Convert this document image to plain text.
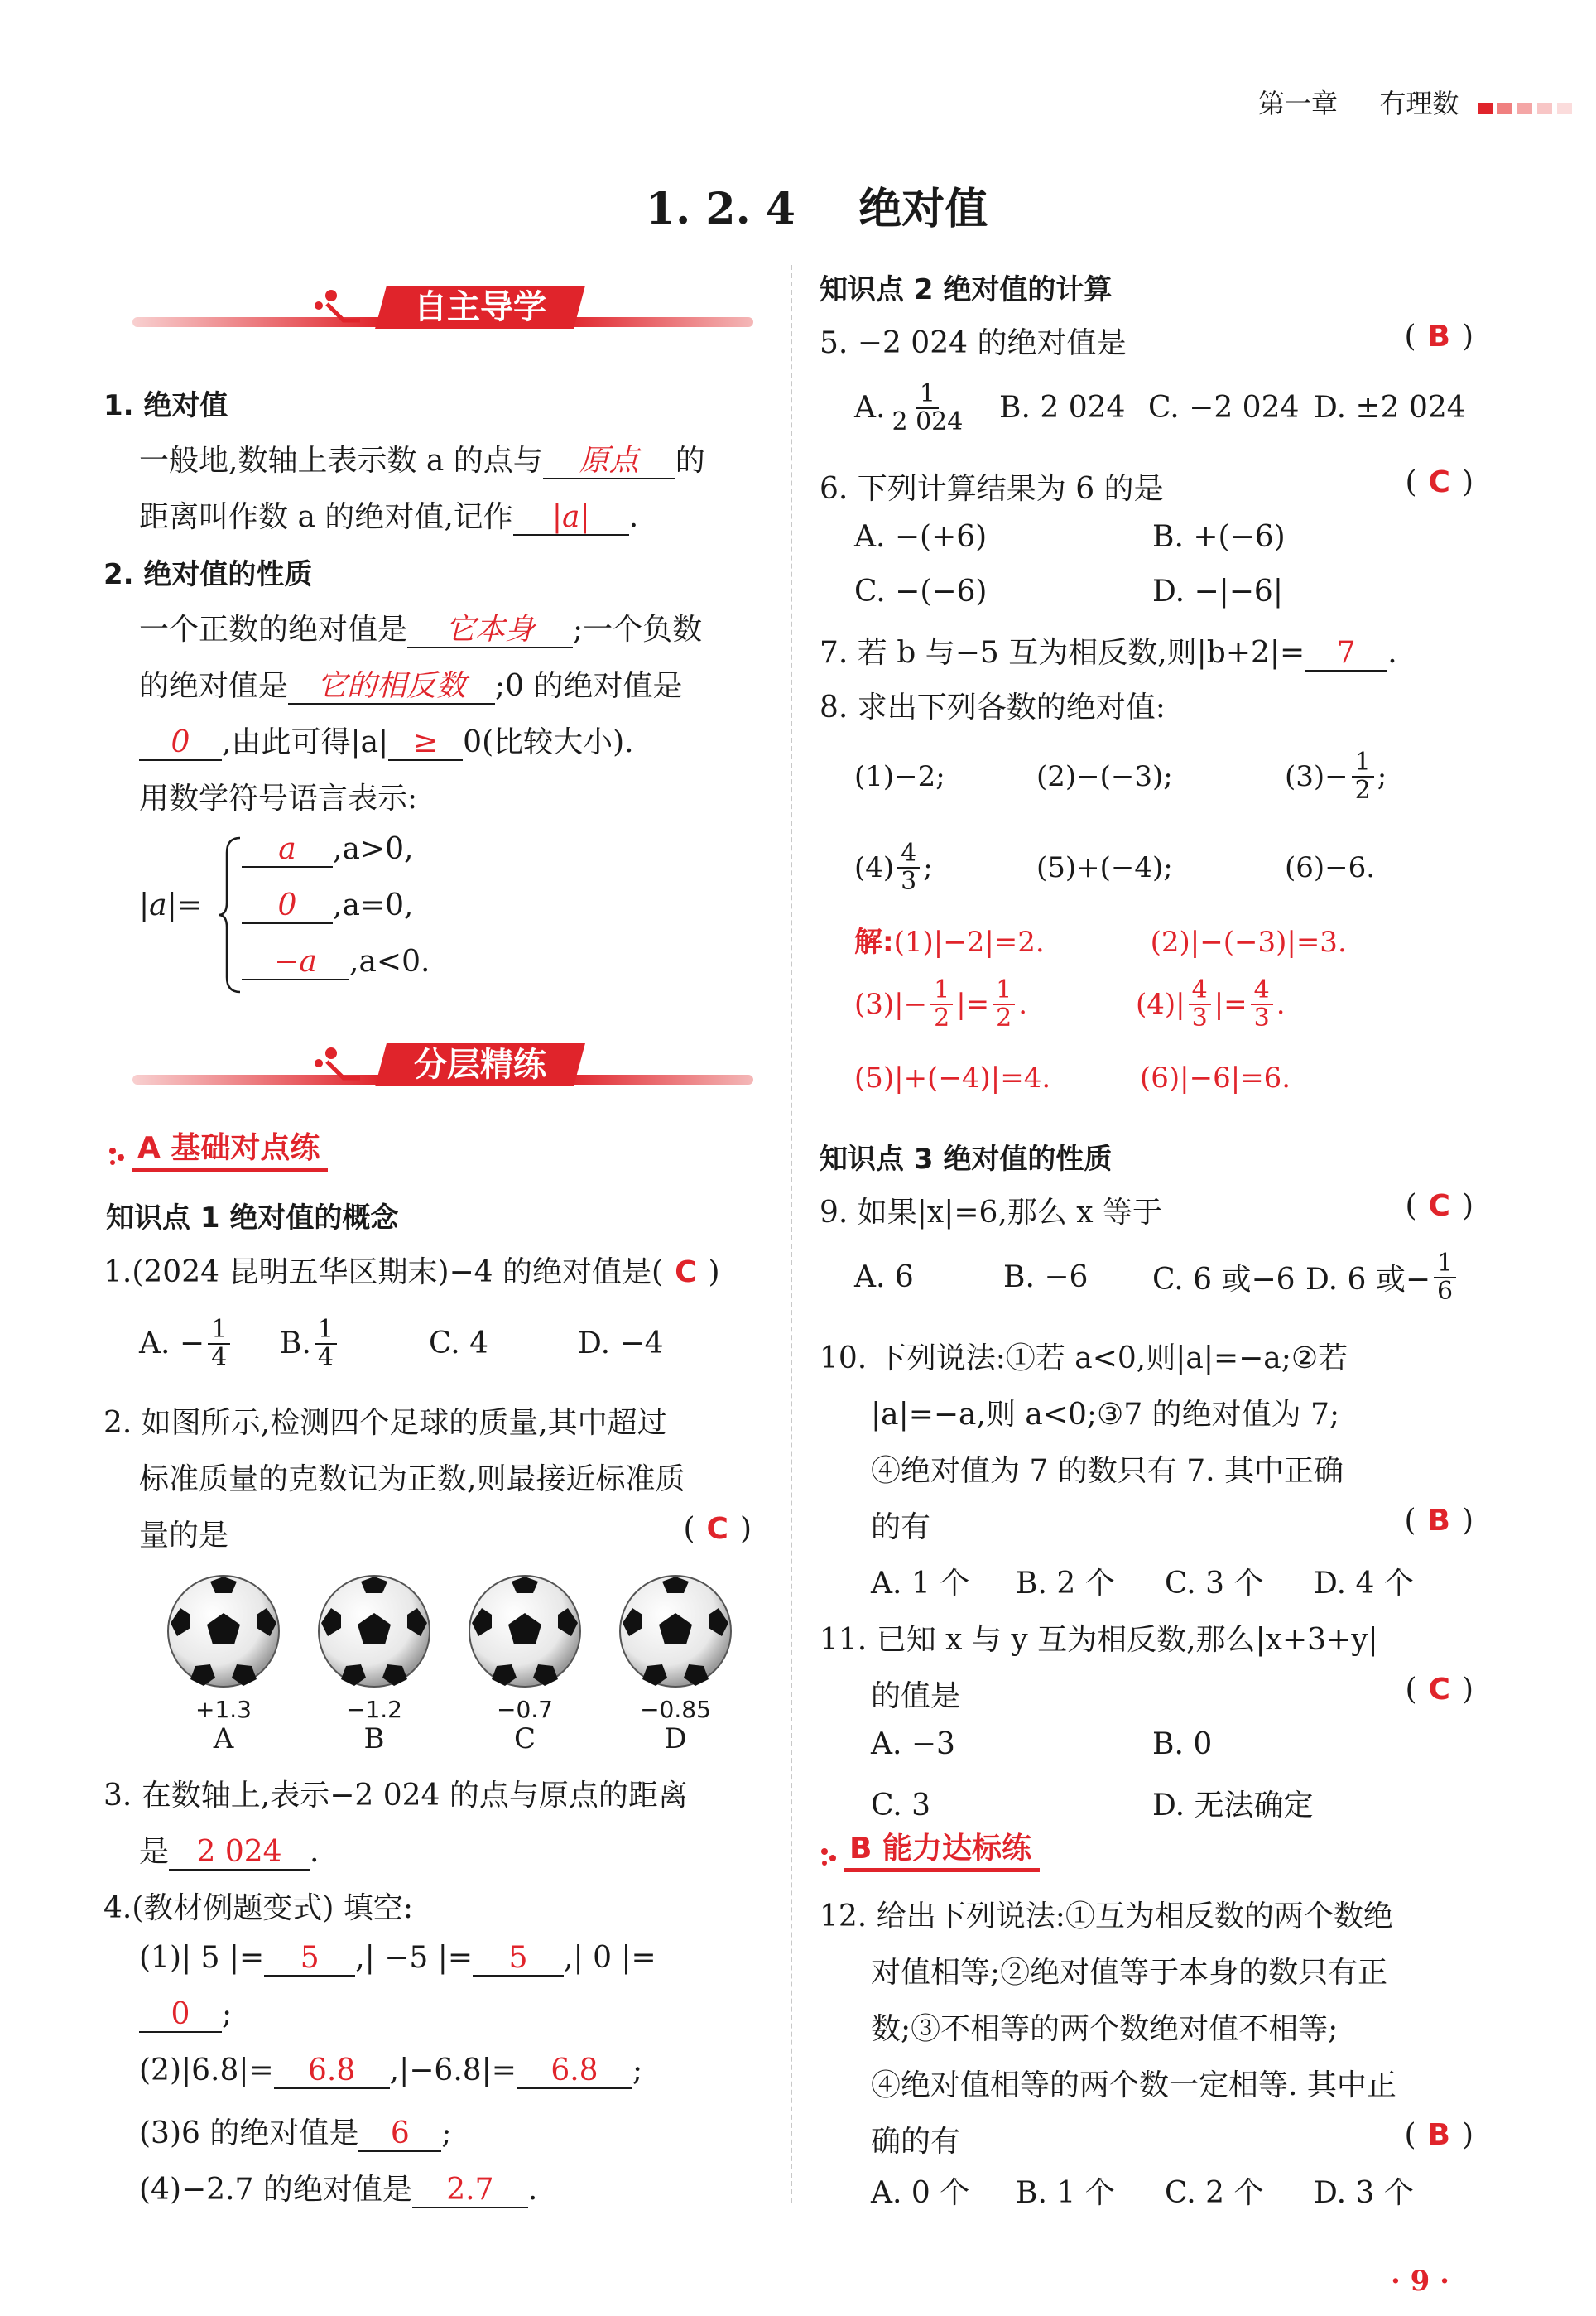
第一章 有理数
1. 2. 4 绝对值
自主导学
1. 绝对值
一般地,数轴上表示数 a 的点与 原点 的
距离叫作数 a 的绝对值,记作 |a| .
2. 绝对值的性质
一个正数的绝对值是 它本身 ;一个负数
的绝对值是 它的相反数 ;0 的绝对值是
0 ,由此可得|a| ≥ 0(比较大小).
用数学符号语言表示:
|a|=
a ,a>0,
0 ,a=0,
−a ,a<0.
分层精练
A 基础对点练
知识点 1 绝对值的概念
1.(2024 昆明五华区期末)−4 的绝对值是( C )
A. − $\frac{1}{4} B$. $\frac{1}{4}$	C. 4	D. −4
2. 如图所示,检测四个足球的质量,其中超过
标准质量的克数记为正数,则最接近标准质
量的是	( C )
+1.3
A
−1.2
B
−0.7
C
−0.85
D
3. 在数轴上,表示−2 024 的点与原点的距离
是 2 024 .
4.(教材例题变式) 填空:
(1)| 5 |= 5 ,| −5 |= 5 ,| 0 |=
0 ;
(2)|6.8|= 6.8 ,|−6.8|= 6.8 ;
(3)6 的绝对值是 6 ;
(4)−2.7 的绝对值是 2.7 .
知识点 2 绝对值的计算
5. −2 024 的绝对值是	( B )
A. $\frac{1}{2 024} B$. 2 024 C. −2 024 D. ±2 024
6. 下列计算结果为 6 的是	( C )
A. −(+6)	B. +(−6)
C. −(−6)	D. −|−6|
7. 若 b 与−5 互为相反数,则|b+2|= 7 .
8. 求出下列各数的绝对值:
(1)−2;	(2)−(−3);	$(3)- \frac{1}{2}$ ;
$(4) \frac{4}{3}$ ;	(5)+(−4);	(6)−6.
解:(1)|−2|=2.	(2)|−(−3)|=3.
$(3)|- \frac{1}{2}$ |= $\frac{1}{2}$ .	$(4)| \frac{4}{3}$ |= $\frac{4}{3}$ .
(5)|+(−4)|=4.	(6)|−6|=6.
知识点 3 绝对值的性质
9. 如果|x|=6,那么 x 等于	( C )
A. 6	B. −6	C. 6 或−6 D. 6 或− $\frac{1}{6}$
10. 下列说法:①若 a<0,则|a|=−a;②若
|a|=−a,则 a<0;③7 的绝对值为 7;
④绝对值为 7 的数只有 7. 其中正确
的有	( B )
A. 1 个 B. 2 个 C. 3 个 D. 4 个
11. 已知 x 与 y 互为相反数,那么|x+3+y|
的值是	( C )
A. −3	B. 0
C. 3	D. 无法确定
B 能力达标练
12. 给出下列说法:①互为相反数的两个数绝
对值相等;②绝对值等于本身的数只有正
数;③不相等的两个数绝对值不相等;
④绝对值相等的两个数一定相等. 其中正
确的有	( B )
A. 0 个 B. 1 个 C. 2 个 D. 3 个
· 9 ·
